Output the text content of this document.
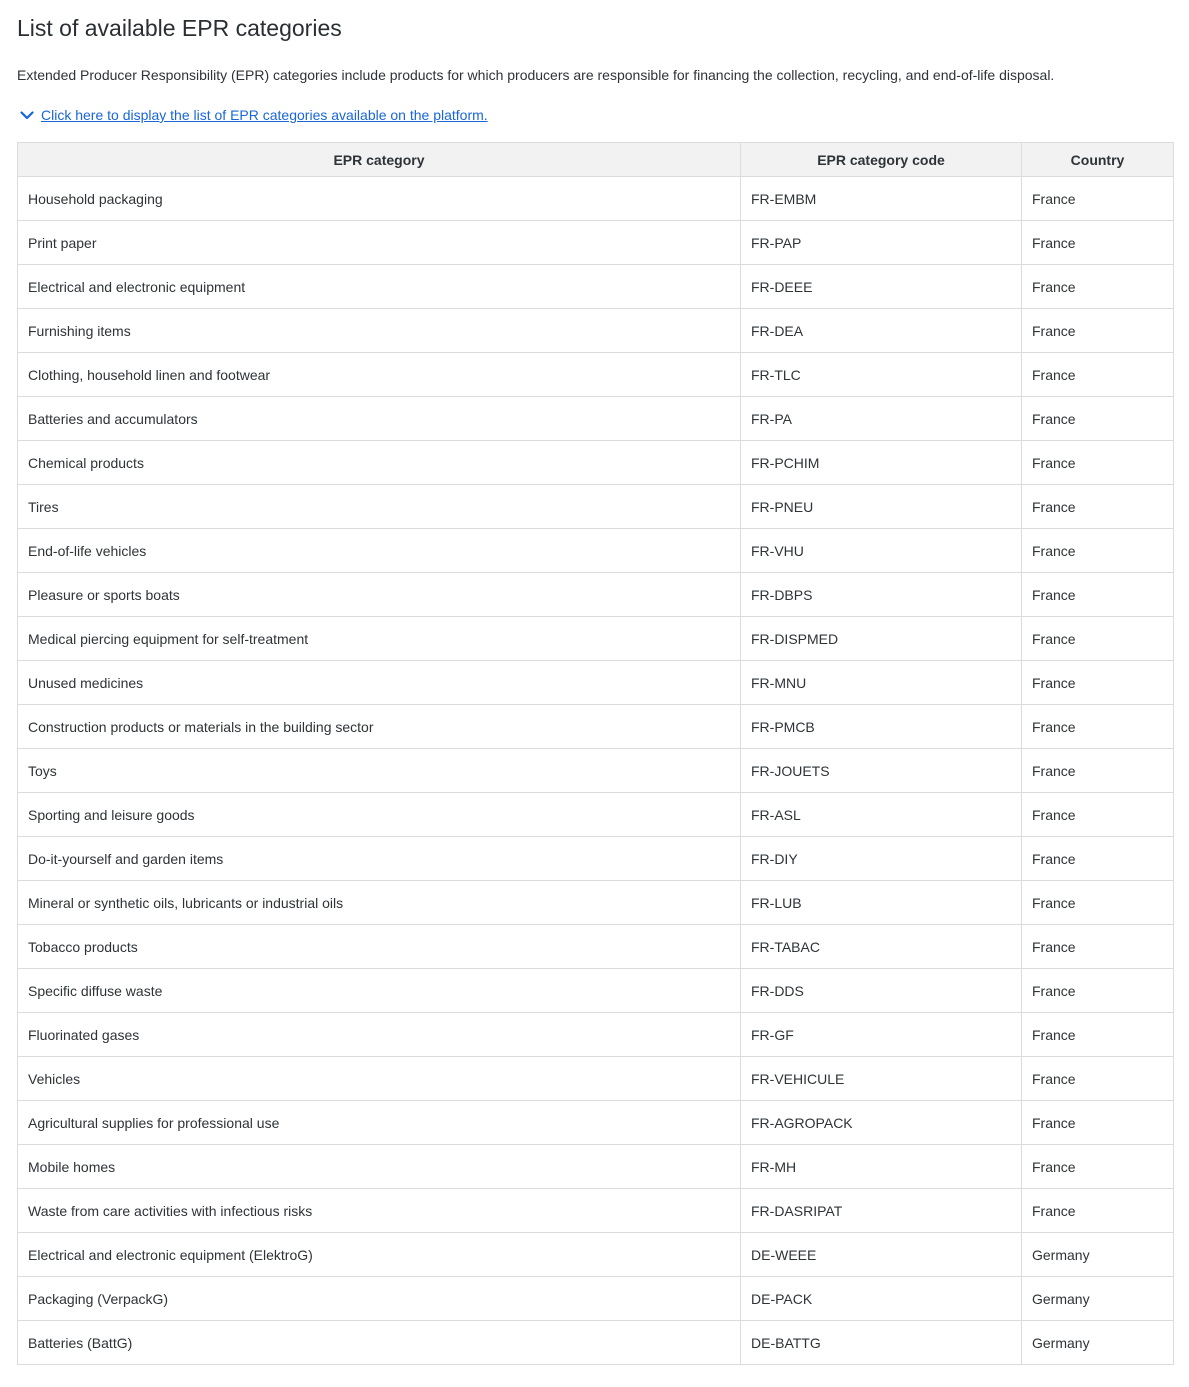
List of available EPR categories

Extended Producer Responsibility (EPR) categories include products for which producers are responsible for financing the collection, recycling, and end-of-life disposal.

Click here to display the list of EPR categories available on the platform.
EPR category	EPR category code	Country
Household packaging	FR-EMBM	France
Print paper	FR-PAP	France
Electrical and electronic equipment	FR-DEEE	France
Furnishing items	FR-DEA	France
Clothing, household linen and footwear	FR-TLC	France
Batteries and accumulators	FR-PA	France
Chemical products	FR-PCHIM	France
Tires	FR-PNEU	France
End-of-life vehicles	FR-VHU	France
Pleasure or sports boats	FR-DBPS	France
Medical piercing equipment for self-treatment	FR-DISPMED	France
Unused medicines	FR-MNU	France
Construction products or materials in the building sector	FR-PMCB	France
Toys	FR-JOUETS	France
Sporting and leisure goods	FR-ASL	France
Do-it-yourself and garden items	FR-DIY	France
Mineral or synthetic oils, lubricants or industrial oils	FR-LUB	France
Tobacco products	FR-TABAC	France
Specific diffuse waste	FR-DDS	France
Fluorinated gases	FR-GF	France
Vehicles	FR-VEHICULE	France
Agricultural supplies for professional use	FR-AGROPACK	France
Mobile homes	FR-MH	France
Waste from care activities with infectious risks	FR-DASRIPAT	France
Electrical and electronic equipment (ElektroG)	DE-WEEE	Germany
Packaging (VerpackG)	DE-PACK	Germany
Batteries (BattG)	DE-BATTG	Germany
